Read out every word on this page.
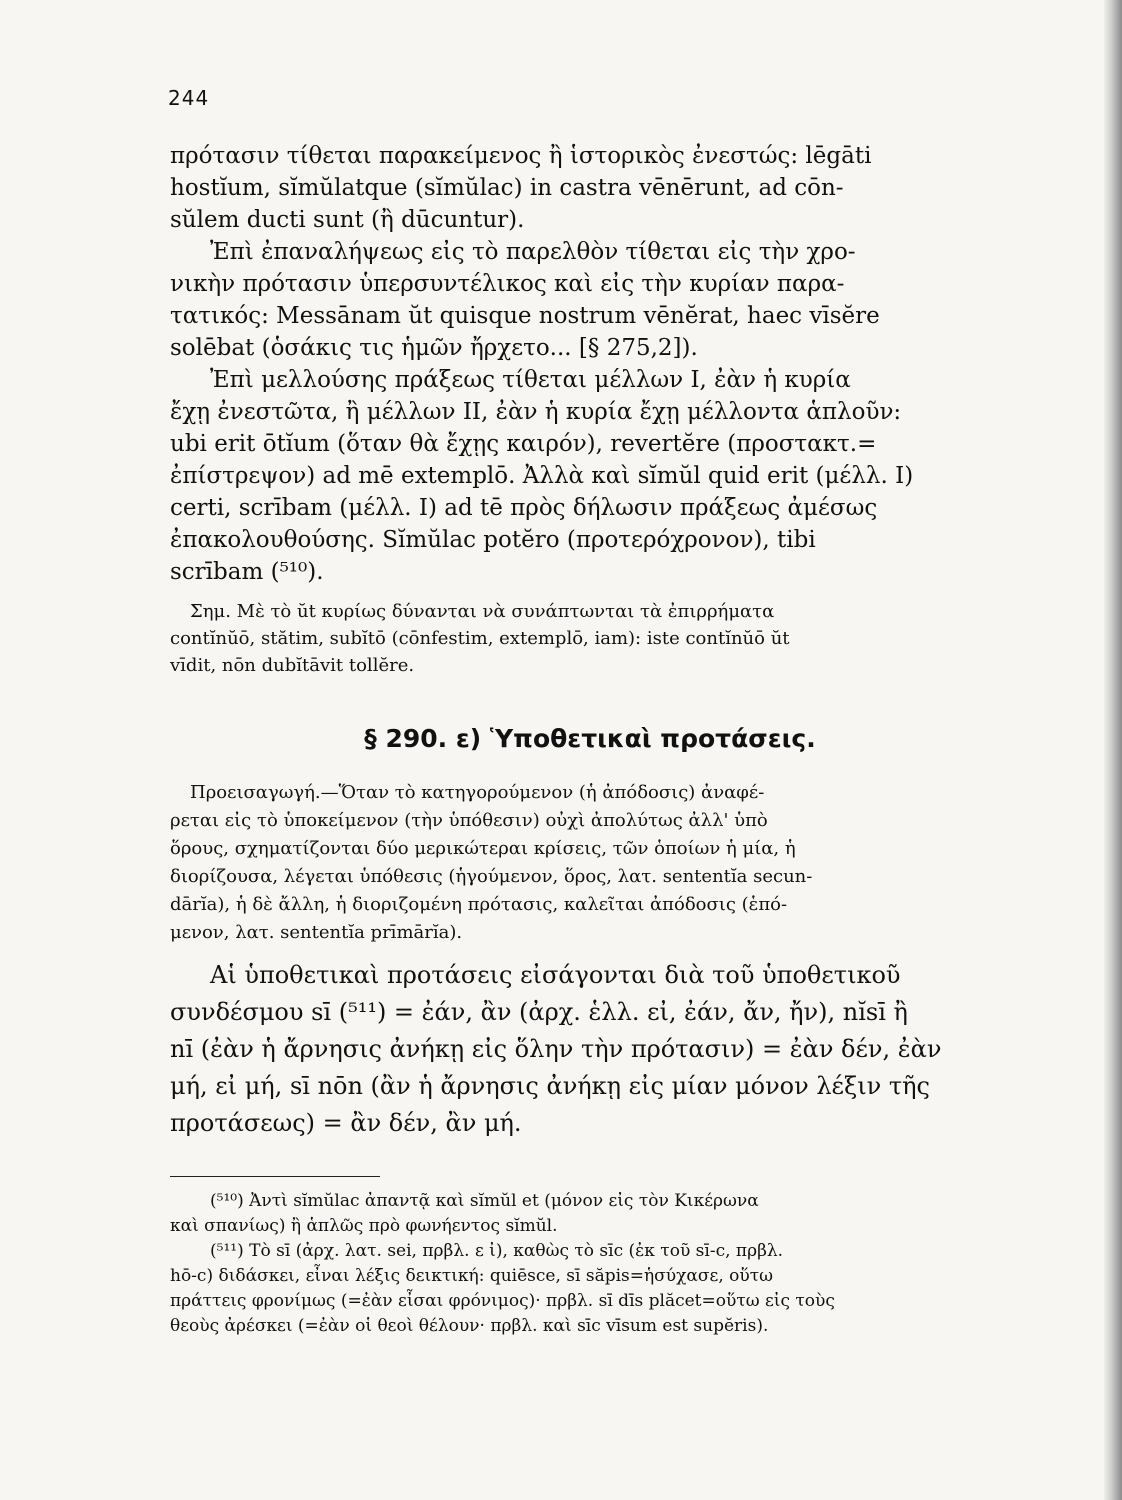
244
πρότασιν τίθεται παρακείμενος ἢ ἱστορικὸς ἐνεστώς: lēgāti
hostĭum, sĭmŭlatque (sĭmŭlac) in castra vēnērunt, ad cōn-
sŭlem ducti sunt (ἢ dūcuntur).
Ἐπὶ ἐπαναλήψεως εἰς τὸ παρελθὸν τίθεται εἰς τὴν χρο-
νικὴν πρότασιν ὑπερσυντέλικος καὶ εἰς τὴν κυρίαν παρα-
τατικός: Messānam ŭt quisque nostrum vēnĕrat, haec vīsĕre
solēbat (ὁσάκις τις ἡμῶν ἤρχετο... [§ 275,2]).
Ἐπὶ μελλούσης πράξεως τίθεται μέλλων I, ἐὰν ἡ κυρία
ἔχῃ ἐνεστῶτα, ἢ μέλλων II, ἐὰν ἡ κυρία ἔχῃ μέλλοντα ἁπλοῦν:
ubi erit ōtĭum (ὅταν θὰ ἔχῃς καιρόν), revertĕre (προστακτ.=
ἐπίστρεψον) ad mē extemplō. Ἀλλὰ καὶ sĭmŭl quid erit (μέλλ. I)
certi, scrībam (μέλλ. I) ad tē πρὸς δήλωσιν πράξεως ἀμέσως
ἐπακολουθούσης. Sĭmŭlac potĕro (προτερόχρονον), tibi
scrībam (⁵¹⁰).
Σημ. Μὲ τὸ ŭt κυρίως δύνανται νὰ συνάπτωνται τὰ ἐπιρρήματα
contĭnŭō, stătim, subĭtō (cōnfestim, extemplō, iam): iste contĭnŭō ŭt
vīdit, nōn dubĭtāvit tollĕre.
§ 290. ε) Ὑποθετικαὶ προτάσεις.
Προεισαγωγή.—Ὅταν τὸ κατηγορούμενον (ἡ ἀπόδοσις) ἀναφέ-
ρεται εἰς τὸ ὑποκείμενον (τὴν ὑπόθεσιν) οὐχὶ ἀπολύτως ἀλλ' ὑπὸ
ὅρους, σχηματίζονται δύο μερικώτεραι κρίσεις, τῶν ὁποίων ἡ μία, ἡ
διορίζουσα, λέγεται ὑπόθεσις (ἡγούμενον, ὅρος, λατ. sententĭa secun-
dārĭa), ἡ δὲ ἄλλη, ἡ διοριζομένη πρότασις, καλεῖται ἀπόδοσις (ἑπό-
μενον, λατ. sententĭa prīmārĭa).
Αἱ ὑποθετικαὶ προτάσεις εἰσάγονται διὰ τοῦ ὑποθετικοῦ
συνδέσμου sī (⁵¹¹) = ἐάν, ἂν (ἀρχ. ἑλλ. εἰ, ἐάν, ἄν, ἤν), nĭsī ἢ
nī (ἐὰν ἡ ἄρνησις ἀνήκῃ εἰς ὅλην τὴν πρότασιν) = ἐὰν δέν, ἐὰν
μή, εἰ μή, sī nōn (ἂν ἡ ἄρνησις ἀνήκῃ εἰς μίαν μόνον λέξιν τῆς
προτάσεως) = ἂν δέν, ἂν μή.
(⁵¹⁰) Ἀντὶ sĭmŭlac ἀπαντᾷ καὶ sĭmŭl et (μόνον εἰς τὸν Κικέρωνα
καὶ σπανίως) ἢ ἁπλῶς πρὸ φωνήεντος sĭmŭl.
(⁵¹¹) Τὸ sī (ἀρχ. λατ. sei, πρβλ. ε ἰ), καθὼς τὸ sīc (ἐκ τοῦ sī-c, πρβλ.
hō-c) διδάσκει, εἶναι λέξις δεικτική: quiēsce, sī săpis=ἡσύχασε, οὕτω
πράττεις φρονίμως (=ἐὰν εἶσαι φρόνιμος)· πρβλ. sī dīs plăcet=οὕτω εἰς τοὺς
θεοὺς ἀρέσκει (=ἐὰν οἱ θεοὶ θέλουν· πρβλ. καὶ sīc vīsum est supĕris).
